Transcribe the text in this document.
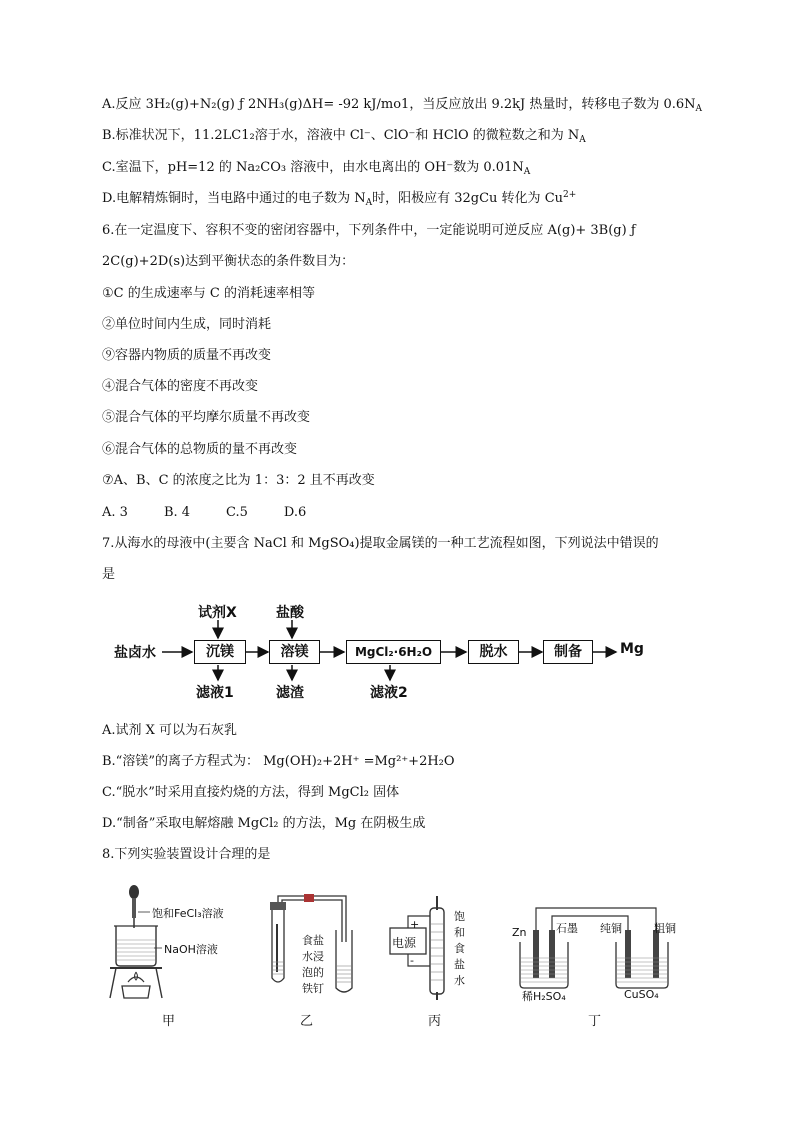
A.反应 3H₂(g)+N₂(g) ƒ 2NH₃(g)ΔH= -92 kJ/mo1，当反应放出 9.2kJ 热量时，转移电子数为 $0.6N_A$
B.标准状况下，11.2LC1₂溶于水，溶液中 Cl⁻、ClO⁻和 HClO 的微粒数之和为 $N_A$
C.室温下，pH=12 的 Na₂CO₃ 溶液中，由水电离出的 OH⁻数为 $0.01N_A$
D.电解精炼铜时，当电路中通过的电子数为 $N_A$时，阳极应有 32gCu 转化为 $Cu^{2+}$
6.在一定温度下、容积不变的密闭容器中，下列条件中，一定能说明可逆反应 A(g)+ 3B(g) ƒ
2C(g)+2D(s)达到平衡状态的条件数目为：
①C 的生成速率与 C 的消耗速率相等
②单位时间内生成，同时消耗
⑨容器内物质的质量不再改变
④混合气体的密度不再改变
⑤混合气体的平均摩尔质量不再改变
⑥混合气体的总物质的量不再改变
⑦A、B、C 的浓度之比为 1：3：2 且不再改变
A. 3	B. 4	C.5	D.6
7.从海水的母液中(主要含 NaCl 和 MgSO₄)提取金属镁的一种工艺流程如图，下列说法中错误的
是
盐卤水	沉镁	溶镁	MgCl₂·6H₂O	脱水	制备	Mg
试剂X	盐酸
滤液1	滤渣	滤液2
A.试剂 X 可以为石灰乳
B.“溶镁”的离子方程式为： Mg(OH)₂+2H⁺ =Mg²⁺+2H₂O
C.“脱水”时采用直接灼烧的方法，得到 MgCl₂ 固体
D.“制备”采取电解熔融 MgCl₂ 的方法，Mg 在阴极生成
8.下列实验装置设计合理的是
饱和FeCl₃溶液
NaOH溶液
甲
食盐
水浸
泡的
铁钉
乙
电源
+
-
饱
和
食
盐
水
丙
Zn	石墨 纯铜	粗铜
稀H₂SO₄	CuSO₄
丁
